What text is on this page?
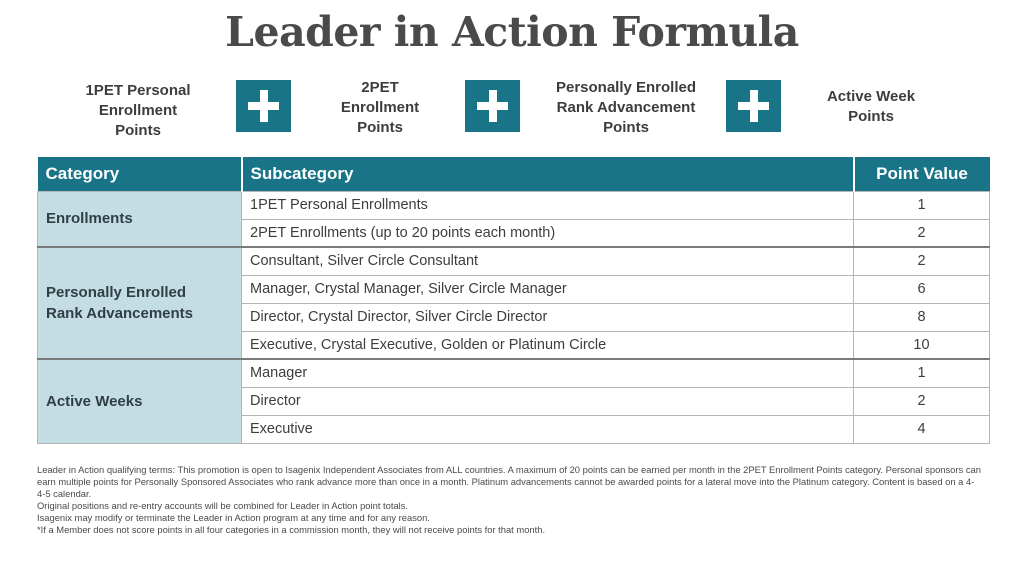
Leader in Action Formula
1PET Personal
Enrollment
Points
2PET
Enrollment
Points
Personally Enrolled
Rank Advancement
Points
Active Week
Points
Category	Subcategory	Point Value

Enrollments	1PET Personal Enrollments	1
	2PET Enrollments (up to 20 points each month)	2

Personally Enrolled
Rank Advancements	Consultant, Silver Circle Consultant	2
	Manager, Crystal Manager, Silver Circle Manager	6
	Director, Crystal Director, Silver Circle Director	8
	Executive, Crystal Executive, Golden or Platinum Circle	10

Active Weeks	Manager	1
	Director	2
	Executive	4

Leader in Action qualifying terms: This promotion is open to Isagenix Independent Associates from ALL countries. A maximum of 20 points can be earned per month in the 2PET Enrollment Points category. Personal sponsors can earn multiple points for Personally Sponsored Associates who rank advance more than once in a month. Platinum advancements cannot be awarded points for a lateral move into the Platinum category. Content is based on a 4-4-5 calendar.

Original positions and re-entry accounts will be combined for Leader in Action point totals.

Isagenix may modify or terminate the Leader in Action program at any time and for any reason.

*If a Member does not score points in all four categories in a commission month, they will not receive points for that month.
